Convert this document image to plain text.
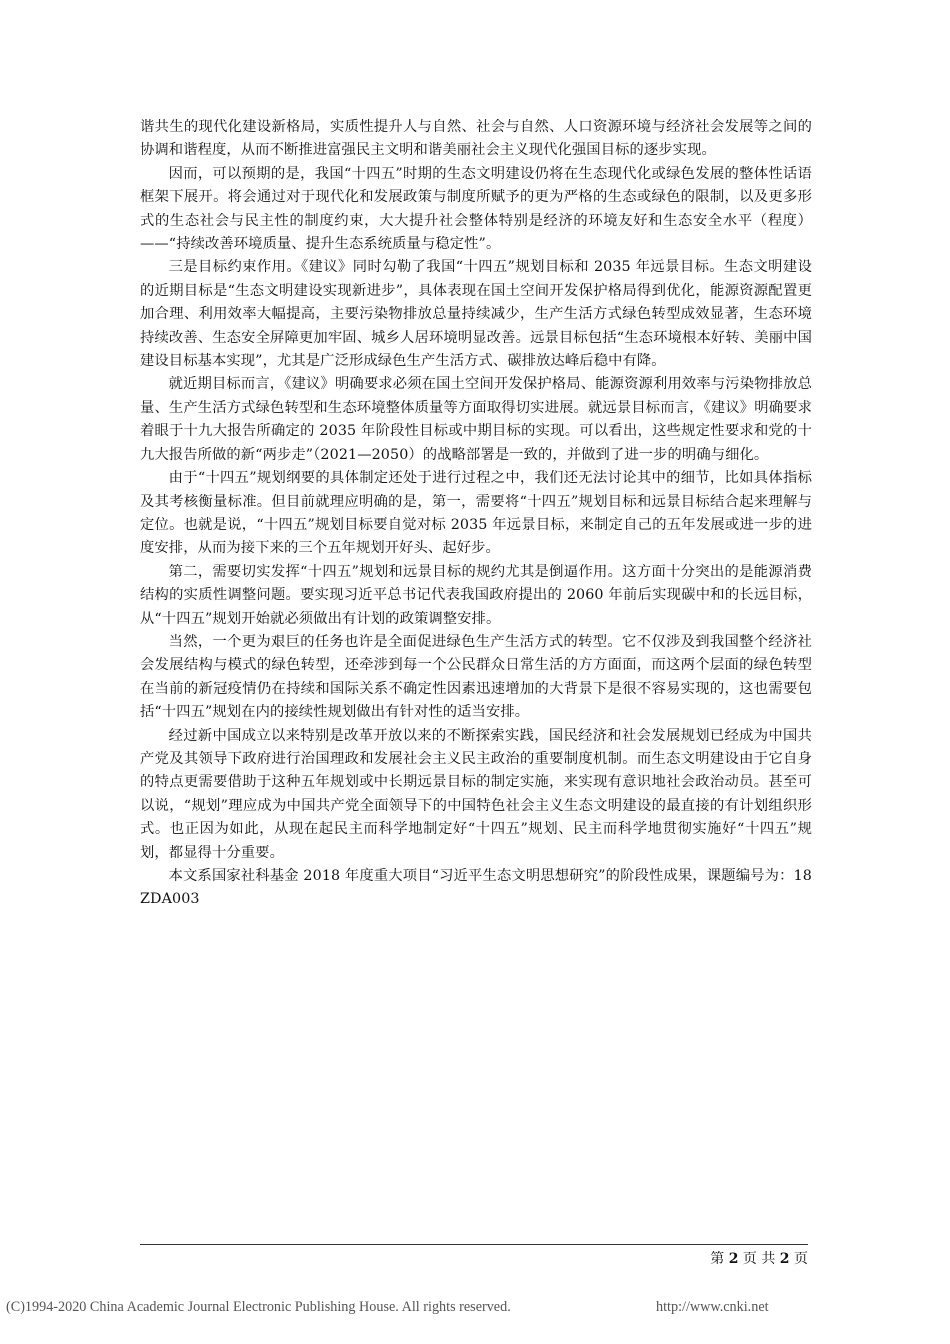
谐共生的现代化建设新格局，实质性提升人与自然、社会与自然、人口资源环境与经济社会发展等之间的协调和谐程度，从而不断推进富强民主文明和谐美丽社会主义现代化强国目标的逐步实现。

因而，可以预期的是，我国“十四五”时期的生态文明建设仍将在生态现代化或绿色发展的整体性话语框架下展开。将会通过对于现代化和发展政策与制度所赋予的更为严格的生态或绿色的限制，以及更多形式的生态社会与民主性的制度约束，大大提升社会整体特别是经济的环境友好和生态安全水平（程度）——“持续改善环境质量、提升生态系统质量与稳定性”。

三是目标约束作用。《建议》同时勾勒了我国“十四五”规划目标和 2035 年远景目标。生态文明建设的近期目标是“生态文明建设实现新进步”，具体表现在国土空间开发保护格局得到优化，能源资源配置更加合理、利用效率大幅提高，主要污染物排放总量持续减少，生产生活方式绿色转型成效显著，生态环境持续改善、生态安全屏障更加牢固、城乡人居环境明显改善。远景目标包括“生态环境根本好转、美丽中国建设目标基本实现”，尤其是广泛形成绿色生产生活方式、碳排放达峰后稳中有降。

就近期目标而言，《建议》明确要求必须在国土空间开发保护格局、能源资源利用效率与污染物排放总量、生产生活方式绿色转型和生态环境整体质量等方面取得切实进展。就远景目标而言，《建议》明确要求着眼于十九大报告所确定的 2035 年阶段性目标或中期目标的实现。可以看出，这些规定性要求和党的十九大报告所做的新“两步走”（2021—2050）的战略部署是一致的，并做到了进一步的明确与细化。

由于“十四五”规划纲要的具体制定还处于进行过程之中，我们还无法讨论其中的细节，比如具体指标及其考核衡量标准。但目前就理应明确的是，第一，需要将“十四五”规划目标和远景目标结合起来理解与定位。也就是说，“十四五”规划目标要自觉对标 2035 年远景目标，来制定自己的五年发展或进一步的进度安排，从而为接下来的三个五年规划开好头、起好步。

第二，需要切实发挥“十四五”规划和远景目标的规约尤其是倒逼作用。这方面十分突出的是能源消费结构的实质性调整问题。要实现习近平总书记代表我国政府提出的 2060 年前后实现碳中和的长远目标，从“十四五”规划开始就必须做出有计划的政策调整安排。

当然，一个更为艰巨的任务也许是全面促进绿色生产生活方式的转型。它不仅涉及到我国整个经济社会发展结构与模式的绿色转型，还牵涉到每一个公民群众日常生活的方方面面，而这两个层面的绿色转型在当前的新冠疫情仍在持续和国际关系不确定性因素迅速增加的大背景下是很不容易实现的，这也需要包括“十四五”规划在内的接续性规划做出有针对性的适当安排。

经过新中国成立以来特别是改革开放以来的不断探索实践，国民经济和社会发展规划已经成为中国共产党及其领导下政府进行治国理政和发展社会主义民主政治的重要制度机制。而生态文明建设由于它自身的特点更需要借助于这种五年规划或中长期远景目标的制定实施，来实现有意识地社会政治动员。甚至可以说，“规划”理应成为中国共产党全面领导下的中国特色社会主义生态文明建设的最直接的有计划组织形式。也正因为如此，从现在起民主而科学地制定好“十四五”规划、民主而科学地贯彻实施好“十四五”规划，都显得十分重要。

本文系国家社科基金 2018 年度重大项目“习近平生态文明思想研究”的阶段性成果，课题编号为：18ZDA003

第 2 页 共 2 页
(C)1994-2020 China Academic Journal Electronic Publishing House. All rights reserved.	http://www.cnki.net
